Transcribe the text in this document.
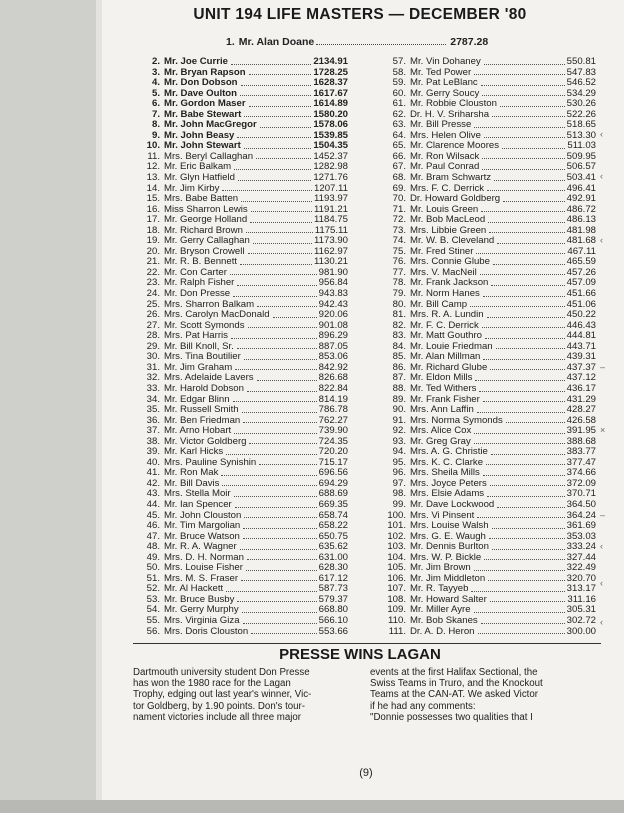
UNIT 194 LIFE MASTERS — DECEMBER '80
1. Mr. Alan Doane	2787.28
2. Mr. Joe Currie	2134.91
3. Mr. Bryan Rapson	1728.25
4. Mr. Don Dobson	1628.37
5. Mr. Dave Oulton	1617.67
6. Mr. Gordon Maser	1614.89
7. Mr. Babe Stewart	1580.20
8. Mr. John MacGregor	1578.06
9. Mr. John Beasy	1539.85
10. Mr. John Stewart	1504.35
11. Mrs. Beryl Callaghan	1452.37
12. Mr. Eric Balkam	1282.98
13. Mr. Glyn Hatfield	1271.76
14. Mr. Jim Kirby	1207.11
15. Mrs. Babe Batten	1193.97
16. Miss Sharron Lewis	1191.21
17. Mr. George Holland	1184.75
18. Mr. Richard Brown	1175.11
19. Mr. Gerry Callaghan	1173.90
20. Mr. Bryson Crowell	1162.97
21. Mr. R. B. Bennett	1130.21
22. Mr. Con Carter	981.90
23. Mr. Ralph Fisher	956.84
24. Mr. Don Presse	943.83
25. Mrs. Sharron Balkam	942.43
26. Mrs. Carolyn MacDonald	920.06
27. Mr. Scott Symonds	901.08
28. Mrs. Pat Harris	896.29
29. Mr. Bill Knoll, Sr.	887.05
30. Mrs. Tina Boutilier	853.06
31. Mr. Jim Graham	842.92
32. Mrs. Adelaide Lavers	826.68
33. Mr. Harold Dobson	822.84
34. Mr. Edgar Blinn	814.19
35. Mr. Russell Smith	786.78
36. Mr. Ben Friedman	762.27
37. Mr. Arno Hobart	739.90
38. Mr. Victor Goldberg	724.35
39. Mr. Karl Hicks	720.20
40. Mrs. Pauline Synishin	715.17
41. Mr. Ron Mak	696.56
42. Mr. Bill Davis	694.29
43. Mrs. Stella Moir	688.69
44. Mr. Ian Spencer	669.35
45. Mr. John Clouston	658.74
46. Mr. Tim Margolian	658.22
47. Mr. Bruce Watson	650.75
48. Mr. R. A. Wagner	635.62
49. Mrs. D. H. Norman	631.00
50. Mrs. Louise Fisher	628.30
51. Mrs. M. S. Fraser	617.12
52. Mr. Al Hackett	587.73
53. Mr. Bruce Busby	579.37
54. Mr. Gerry Murphy	668.80
55. Mrs. Virginia Giza	566.10
56. Mrs. Doris Clouston	553.66
57. Mr. Vin Dohaney	550.81
58. Mr. Ted Power	547.83
59. Mr. Pat LeBlanc	546.52
60. Mr. Gerry Soucy	534.29
61. Mr. Robbie Clouston	530.26
62. Dr. H. V. Sriharsha	522.26
63. Mr. Bill Presse	518.65
64. Mrs. Helen Olive	513.30
65. Mr. Clarence Moores	511.03
66. Mr. Ron Wilsack	509.95
67. Mr. Paul Conrad	506.57
68. Mr. Bram Schwartz	503.41
69. Mrs. F. C. Derrick	496.41
70. Dr. Howard Goldberg	492.91
71. Mr. Louis Green	486.72
72. Mr. Bob MacLeod	486.13
73. Mrs. Libbie Green	481.98
74. Mr. W. B. Cleveland	481.68
75. Mr. Fred Stiner	467.11
76. Mrs. Connie Glube	465.59
77. Mrs. V. MacNeil	457.26
78. Mr. Frank Jackson	457.09
79. Mr. Norm Hanes	451.66
80. Mr. Bill Camp	451.06
81. Mrs. R. A. Lundin	450.22
82. Mr. F. C. Derrick	446.43
83. Mr. Matt Gouthro	444.81
84. Mr. Louie Friedman	443.71
85. Mr. Alan Millman	439.31
86. Mr. Richard Glube	437.37
87. Mr. Eldon Mills	437.12
88. Mr. Ted Withers	436.17
89. Mr. Frank Fisher	431.29
90. Mrs. Ann Laffin	428.27
91. Mrs. Norma Symonds	426.58
92. Mrs. Alice Cox	391.95
93. Mr. Greg Gray	388.68
94. Mrs. A. G. Christie	383.77
95. Mrs. K. C. Clarke	377.47
96. Mrs. Sheila Mills	374.66
97. Mrs. Joyce Peters	372.09
98. Mrs. Elsie Adams	370.71
99. Mr. Dave Lockwood	364.50
100. Mrs. Vi Pinsent	364.24
101. Mrs. Louise Walsh	361.69
102. Mrs. G. E. Waugh	353.03
103. Mr. Dennis Burlton	333.24
104. Mrs. W. P. Bickle	327.44
105. Mr. Jim Brown	322.49
106. Mr. Jim Middleton	320.70
107. Mr. R. Tayyeb	313.17
108. Mr. Howard Salter	311.16
109. Mr. Miller Ayre	305.31
110. Mr. Bob Skanes	302.72
111. Dr. A. D. Heron	300.00
PRESSE WINS LAGAN
Dartmouth university student Don Presse
has won the 1980 race for the Lagan
Trophy, edging out last year's winner, Vic-
tor Goldberg, by 1.90 points. Don's tour-
nament victories include all three major
events at the first Halifax Sectional, the
Swiss Teams in Truro, and the Knockout
Teams at the CAN-AT. We asked Victor
if he had any comments:
"Donnie possesses two qualities that I
(9)
‹
‹
‹
–
×
–
‹
‹
‹
